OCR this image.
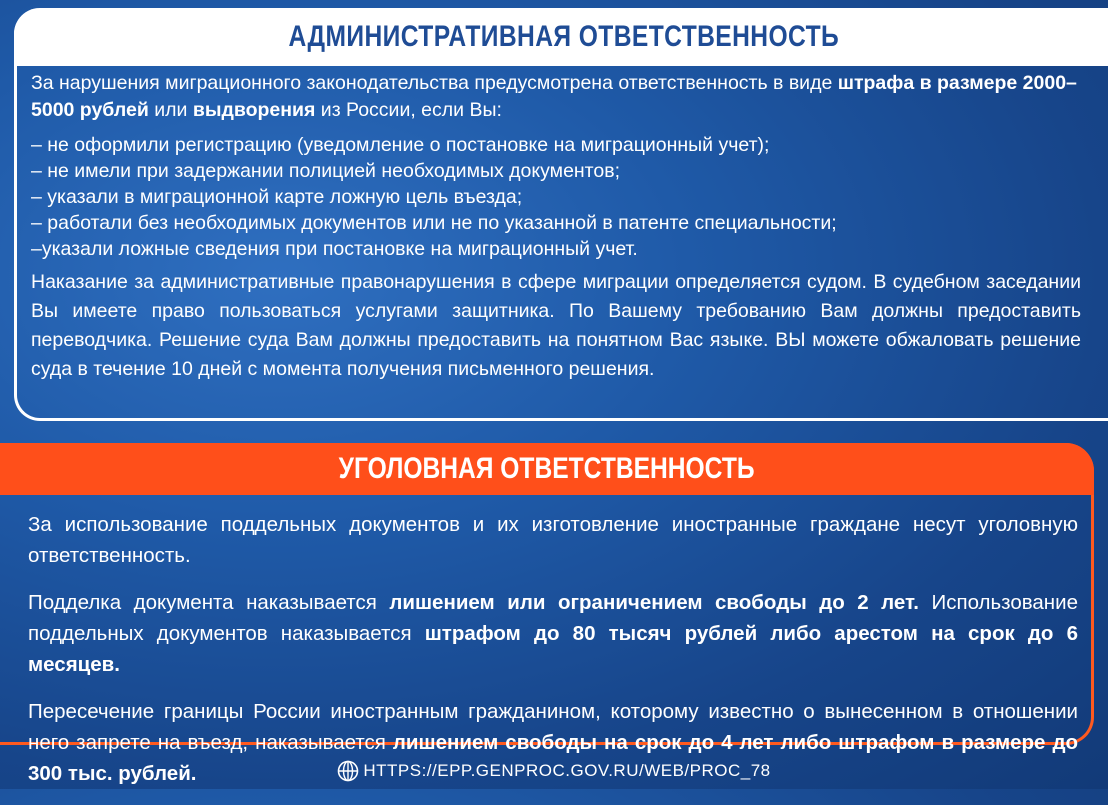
АДМИНИСТРАТИВНАЯ ОТВЕТСТВЕННОСТЬ

За нарушения миграционного законодательства предусмотрена ответственность в виде штрафа в размере 2000–5000 рублей или выдворения из России, если Вы:

– не оформили регистрацию (уведомление о постановке на миграционный учет);
– не имели при задержании полицией необходимых документов;
– указали в миграционной карте ложную цель въезда;
– работали без необходимых документов или не по указанной в патенте специальности;
–указали ложные сведения при постановке на миграционный учет.

Наказание за административные правонарушения в сфере миграции определяется судом. В судебном заседании Вы имеете право пользоваться услугами защитника. По Вашему требованию Вам должны предоставить переводчика. Решение суда Вам должны предоставить на понятном Вас языке. ВЫ можете обжаловать решение суда в течение 10 дней с момента получения письменного решения.

УГОЛОВНАЯ ОТВЕТСТВЕННОСТЬ

За использование поддельных документов и их изготовление иностранные граждане несут уголовную ответственность.

Подделка документа наказывается лишением или ограничением свободы до 2 лет. Использование поддельных документов наказывается штрафом до 80 тысяч рублей либо арестом на срок до 6 месяцев.

Пересечение границы России иностранным гражданином, которому известно о вынесенном в отношении него запрете на въезд, наказывается лишением свободы на срок до 4 лет либо штрафом в размере до 300 тыс. рублей.	HTTPS://EPP.GENPROC.GOV.RU/WEB/PROC_78
